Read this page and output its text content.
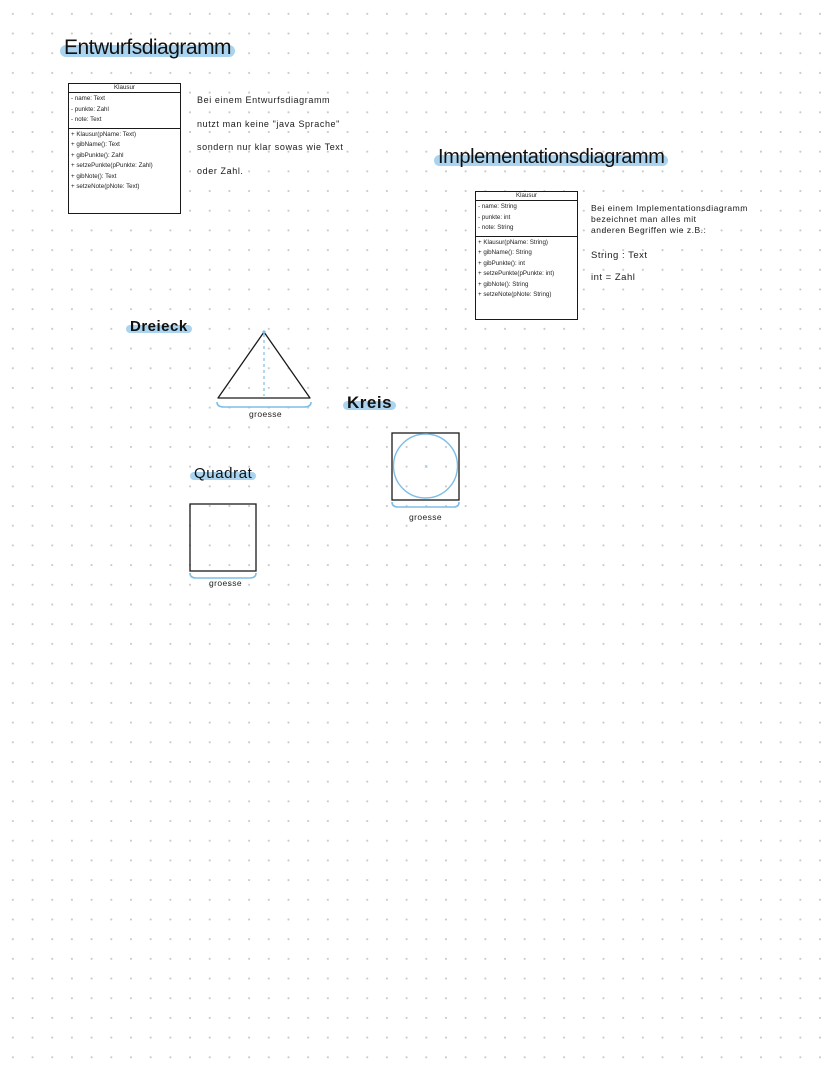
Entwurfsdiagramm
Implementationsdiagramm
Dreieck
Kreis
Quadrat
Klausur
- name: Text
- punkte: Zahl
- note: Text
+ Klausur(pName: Text)
+ gibName(): Text
+ gibPunkte(): Zahl
+ setzePunkte(pPunkte: Zahl)
+ gibNote(): Text
+ setzeNote(pNote: Text)
Bei einem Entwurfsdiagramm
nutzt man keine "java Sprache"
sondern nur klar sowas wie Text
oder Zahl.
Klausur
- name: String
- punkte: int
- note: String
+ Klausur(pName: String)
+ gibName(): String
+ gibPunkte(): int
+ setzePunkte(pPunkte: int)
+ gibNote(): String
+ setzeNote(pNote: String)
Bei einem Implementationsdiagramm
bezeichnet man alles mit
anderen Begriffen wie z.B.:
String : Text
int = Zahl
groesse
×
groesse
groesse
